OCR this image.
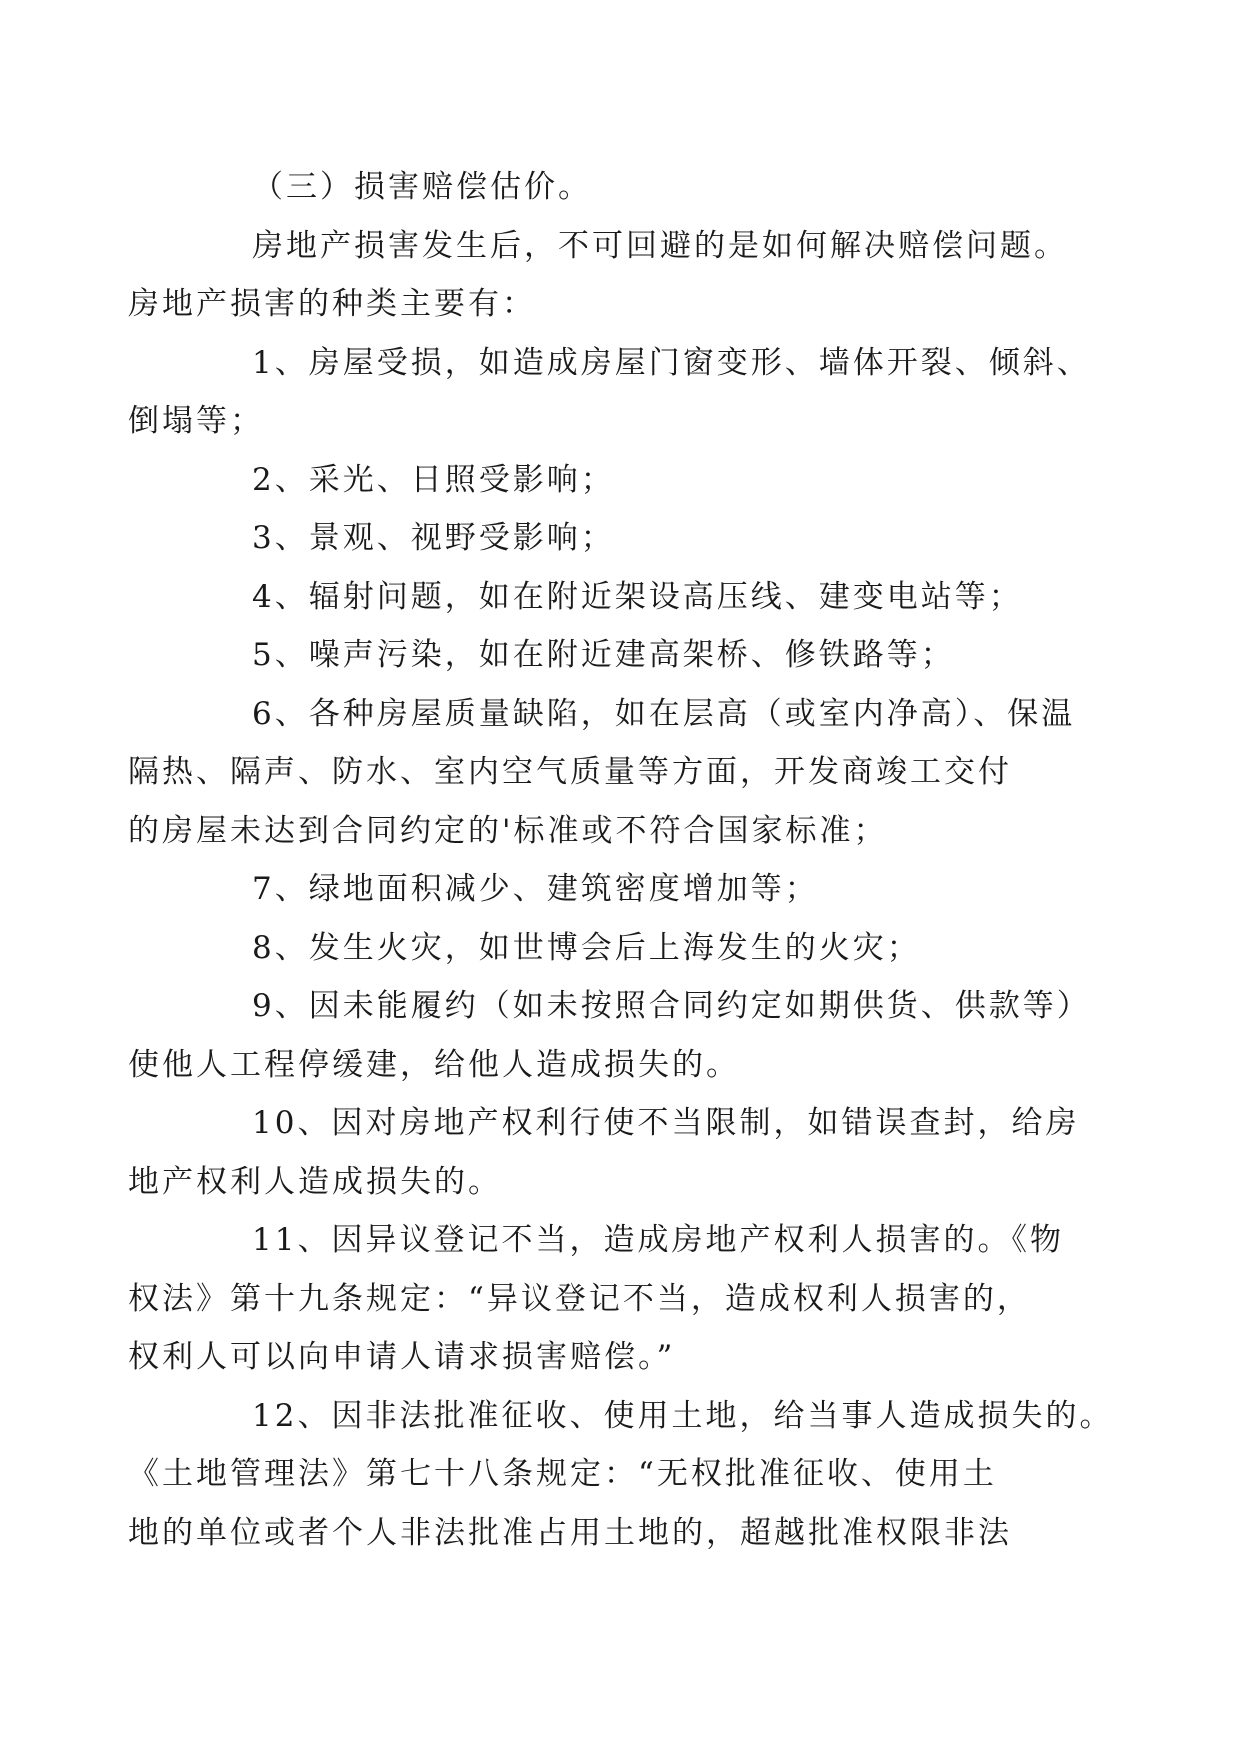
（三）损害赔偿估价。

房地产损害发生后，不可回避的是如何解决赔偿问题。
房地产损害的种类主要有：

1、房屋受损，如造成房屋门窗变形、墙体开裂、倾斜、
倒塌等；

2、采光、日照受影响；

3、景观、视野受影响；

4、辐射问题，如在附近架设高压线、建变电站等；

5、噪声污染，如在附近建高架桥、修铁路等；

6、各种房屋质量缺陷，如在层高（或室内净高）、保温
隔热、隔声、防水、室内空气质量等方面，开发商竣工交付
的房屋未达到合同约定的'标准或不符合国家标准；

7、绿地面积减少、建筑密度增加等；

8、发生火灾，如世博会后上海发生的火灾；

9、因未能履约（如未按照合同约定如期供货、供款等）
使他人工程停缓建，给他人造成损失的。

10、因对房地产权利行使不当限制，如错误查封，给房
地产权利人造成损失的。

11、因异议登记不当，造成房地产权利人损害的。《物
权法》第十九条规定：“异议登记不当，造成权利人损害的，
权利人可以向申请人请求损害赔偿。”

12、因非法批准征收、使用土地，给当事人造成损失的。
《土地管理法》第七十八条规定：“无权批准征收、使用土
地的单位或者个人非法批准占用土地的，超越批准权限非法
